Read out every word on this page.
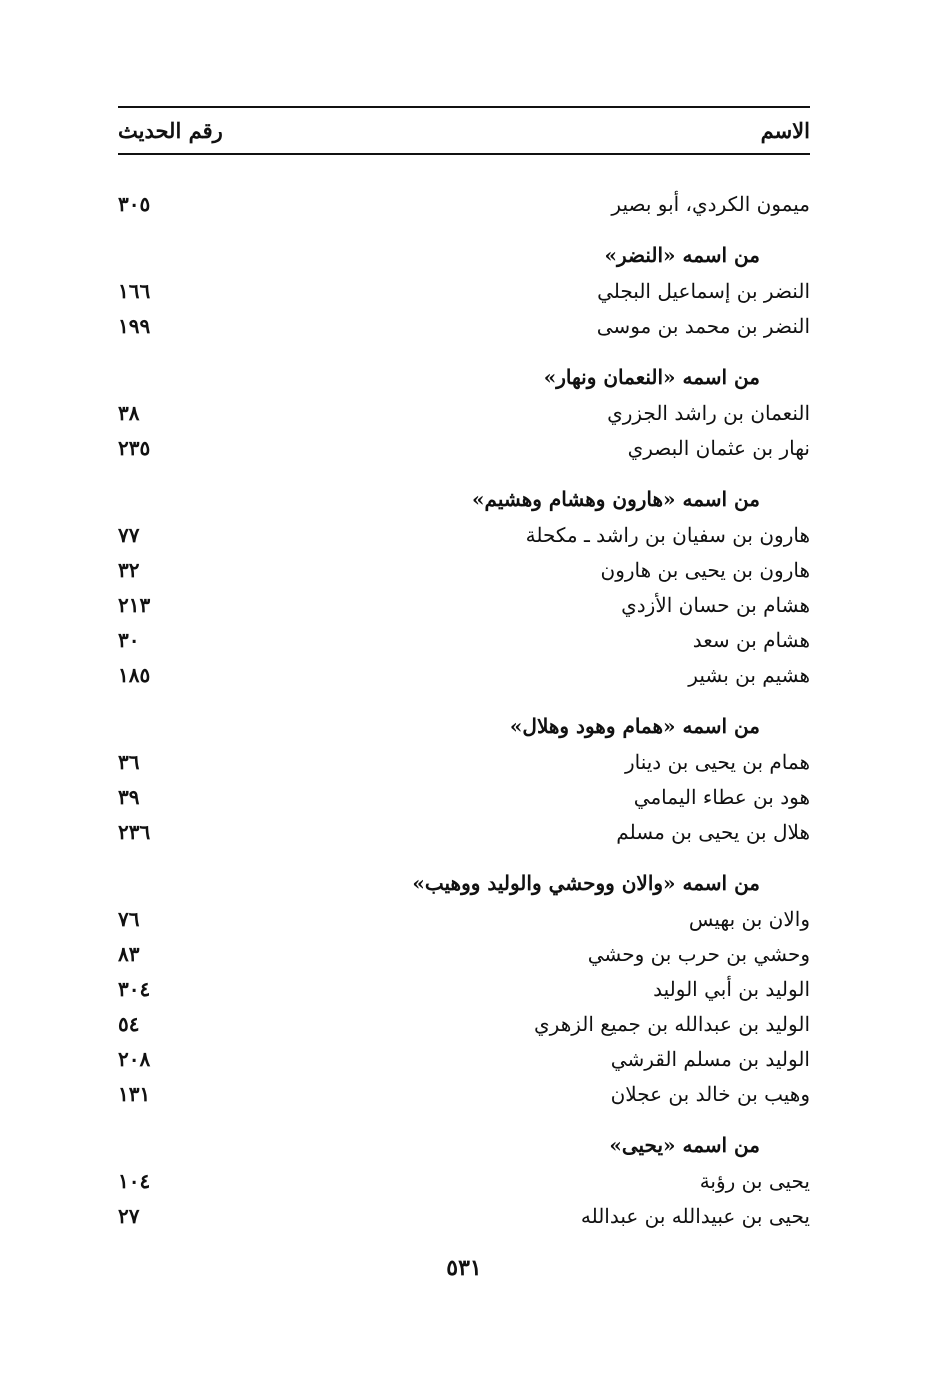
الاسم
رقم الحديث
ميمون الكردي، أبو بصير
٣٠٥
من اسمه «النضر»
النضر بن إسماعيل البجلي
١٦٦
النضر بن محمد بن موسى
١٩٩
من اسمه «النعمان ونهار»
النعمان بن راشد الجزري
٣٨
نهار بن عثمان البصري
٢٣٥
من اسمه «هارون وهشام وهشيم»
هارون بن سفيان بن راشد ـ مكحلة
٧٧
هارون بن يحيى بن هارون
٣٢
هشام بن حسان الأزدي
٢١٣
هشام بن سعد
٣٠
هشيم بن بشير
١٨٥
من اسمه «همام وهود وهلال»
همام بن يحيى بن دينار
٣٦
هود بن عطاء اليمامي
٣٩
هلال بن يحيى بن مسلم
٢٣٦
من اسمه «والان ووحشي والوليد ووهيب»
والان بن بهيس
٧٦
وحشي بن حرب بن وحشي
٨٣
الوليد بن أبي الوليد
٣٠٤
الوليد بن عبدالله بن جميع الزهري
٥٤
الوليد بن مسلم القرشي
٢٠٨
وهيب بن خالد بن عجلان
١٣١
من اسمه «يحيى»
يحيى بن رؤبة
١٠٤
يحيى بن عبيدالله بن عبدالله
٢٧
٥٣١
